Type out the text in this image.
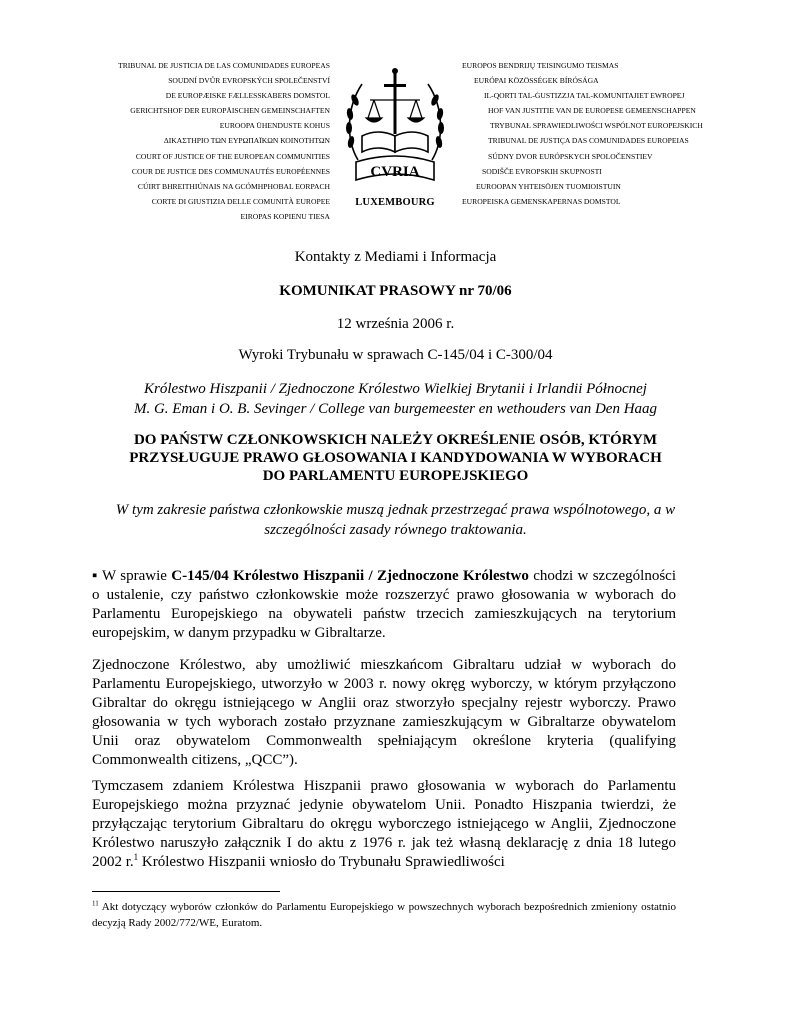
TRIBUNAL DE JUSTICIA DE LAS COMUNIDADES EUROPEAS
SOUDNÍ DVŮR EVROPSKÝCH SPOLEČENSTVÍ
DE EUROPÆISKE FÆLLESSKABERS DOMSTOL
GERICHTSHOF DER EUROPÄISCHEN GEMEINSCHAFTEN
EUROOPA ÜHENDUSTE KOHUS
ΔΙΚΑΣΤΗΡΙΟ ΤΩΝ ΕΥΡΩΠΑΪΚΩΝ ΚΟΙΝΟΤΗΤΩΝ
COURT OF JUSTICE OF THE EUROPEAN COMMUNITIES
COUR DE JUSTICE DES COMMUNAUTÉS EUROPÉENNES
CÚIRT BHREITHIÚNAIS NA GCÓMHPHOBAL EORPACH
CORTE DI GIUSTIZIA DELLE COMUNITÀ EUROPEE
EIROPAS KOPIENU TIESA
CVRIA
LUXEMBOURG
EUROPOS BENDRIJŲ TEISINGUMO TEISMAS
EURÓPAI KÖZÖSSÉGEK BÍRÓSÁGA
IL-QORTI TAL-ĠUSTIZZJA TAL-KOMUNITAJIET EWROPEJ
HOF VAN JUSTITIE VAN DE EUROPESE GEMEENSCHAPPEN
TRYBUNAŁ SPRAWIEDLIWOŚCI WSPÓLNOT EUROPEJSKICH
TRIBUNAL DE JUSTIÇA DAS COMUNIDADES EUROPEIAS
SÚDNY DVOR EURÓPSKYCH SPOLOČENSTIEV
SODIŠČE EVROPSKIH SKUPNOSTI
EUROOPAN YHTEISÖJEN TUOMIOISTUIN
EUROPEISKA GEMENSKAPERNAS DOMSTOL
Kontakty z Mediami i Informacja
KOMUNIKAT PRASOWY nr 70/06
12 września 2006 r.
Wyroki Trybunału w sprawach C-145/04 i C-300/04
Królestwo Hiszpanii / Zjednoczone Królestwo Wielkiej Brytanii i Irlandii Północnej
M. G. Eman i O. B. Sevinger / College van burgemeester en wethouders van Den Haag
DO PAŃSTW CZŁONKOWSKICH NALEŻY OKREŚLENIE OSÓB, KTÓRYM
PRZYSŁUGUJE PRAWO GŁOSOWANIA I KANDYDOWANIA W WYBORACH
DO PARLAMENTU EUROPEJSKIEGO
W tym zakresie państwa członkowskie muszą jednak przestrzegać prawa wspólnotowego, a w
szczególności zasady równego traktowania.
▪ W sprawie C-145/04 Królestwo Hiszpanii / Zjednoczone Królestwo chodzi w szczególności o ustalenie, czy państwo członkowskie może rozszerzyć prawo głosowania w wyborach do Parlamentu Europejskiego na obywateli państw trzecich zamieszkujących na terytorium europejskim, w danym przypadku w Gibraltarze.
Zjednoczone Królestwo, aby umożliwić mieszkańcom Gibraltaru udział w wyborach do Parlamentu Europejskiego, utworzyło w 2003 r. nowy okręg wyborczy, w którym przyłączono Gibraltar do okręgu istniejącego w Anglii oraz stworzyło specjalny rejestr wyborczy. Prawo głosowania w tych wyborach zostało przyznane zamieszkującym w Gibraltarze obywatelom Unii oraz obywatelom Commonwealth spełniającym określone kryteria (qualifying Commonwealth citizens, „QCC”).
Tymczasem zdaniem Królestwa Hiszpanii prawo głosowania w wyborach do Parlamentu Europejskiego można przyznać jedynie obywatelom Unii. Ponadto Hiszpania twierdzi, że przyłączając terytorium Gibraltaru do okręgu wyborczego istniejącego w Anglii, Zjednoczone Królestwo naruszyło załącznik I do aktu z 1976 r. jak też własną deklarację z dnia 18 lutego 2002 r.$^1$ Królestwo Hiszpanii wniosło do Trybunału Sprawiedliwości
$^{11}$ Akt dotyczący wyborów członków do Parlamentu Europejskiego w powszechnych wyborach bezpośrednich zmieniony ostatnio decyzją Rady 2002/772/WE, Euratom.
